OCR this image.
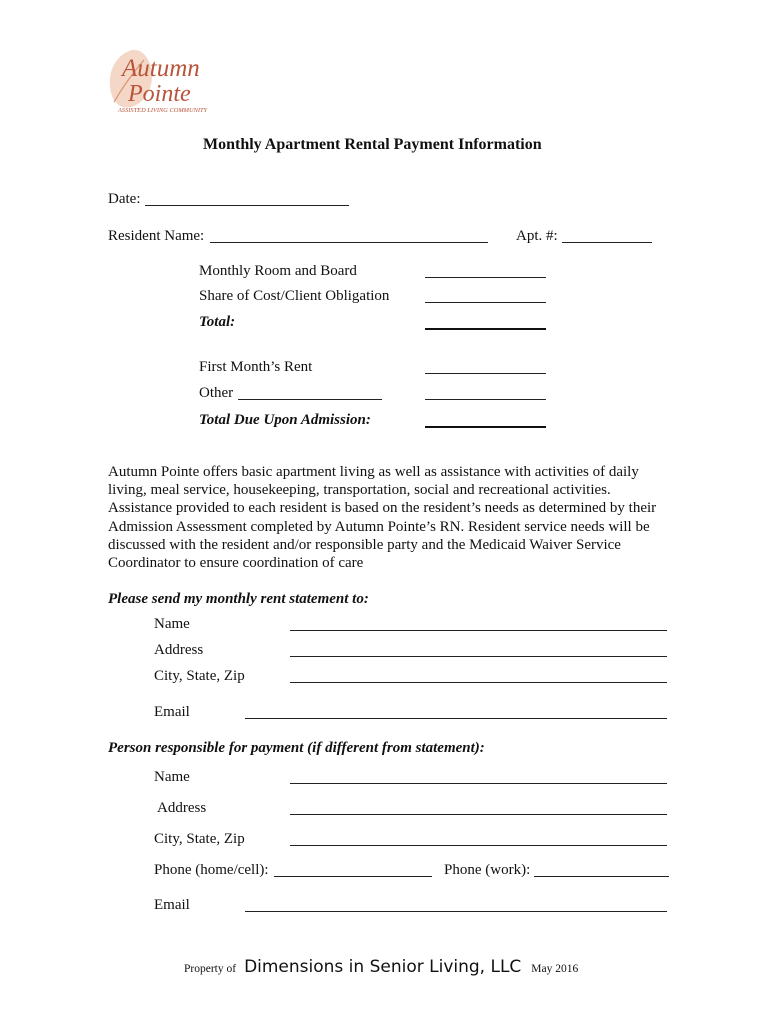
Autumn
Pointe
ASSISTED LIVING COMMUNITY
Monthly Apartment Rental Payment Information
Date:
Resident Name:	Apt. #:
Monthly Room and Board
Share of Cost/Client Obligation
Total:
First Month’s Rent
Other
Total Due Upon Admission:
Autumn Pointe offers basic apartment living as well as assistance with activities of daily living, meal service, housekeeping, transportation, social and recreational activities. Assistance provided to each resident is based on the resident’s needs as determined by their Admission Assessment completed by Autumn Pointe’s RN. Resident service needs will be discussed with the resident and/or responsible party and the Medicaid Waiver Service Coordinator to ensure coordination of care
Please send my monthly rent statement to:
Name
Address
City, State, Zip
Email
Person responsible for payment (if different from statement):
Name
Address
City, State, Zip
Phone (home/cell):	Phone (work):
Email
Property of Dimensions in Senior Living, LLC May 2016
